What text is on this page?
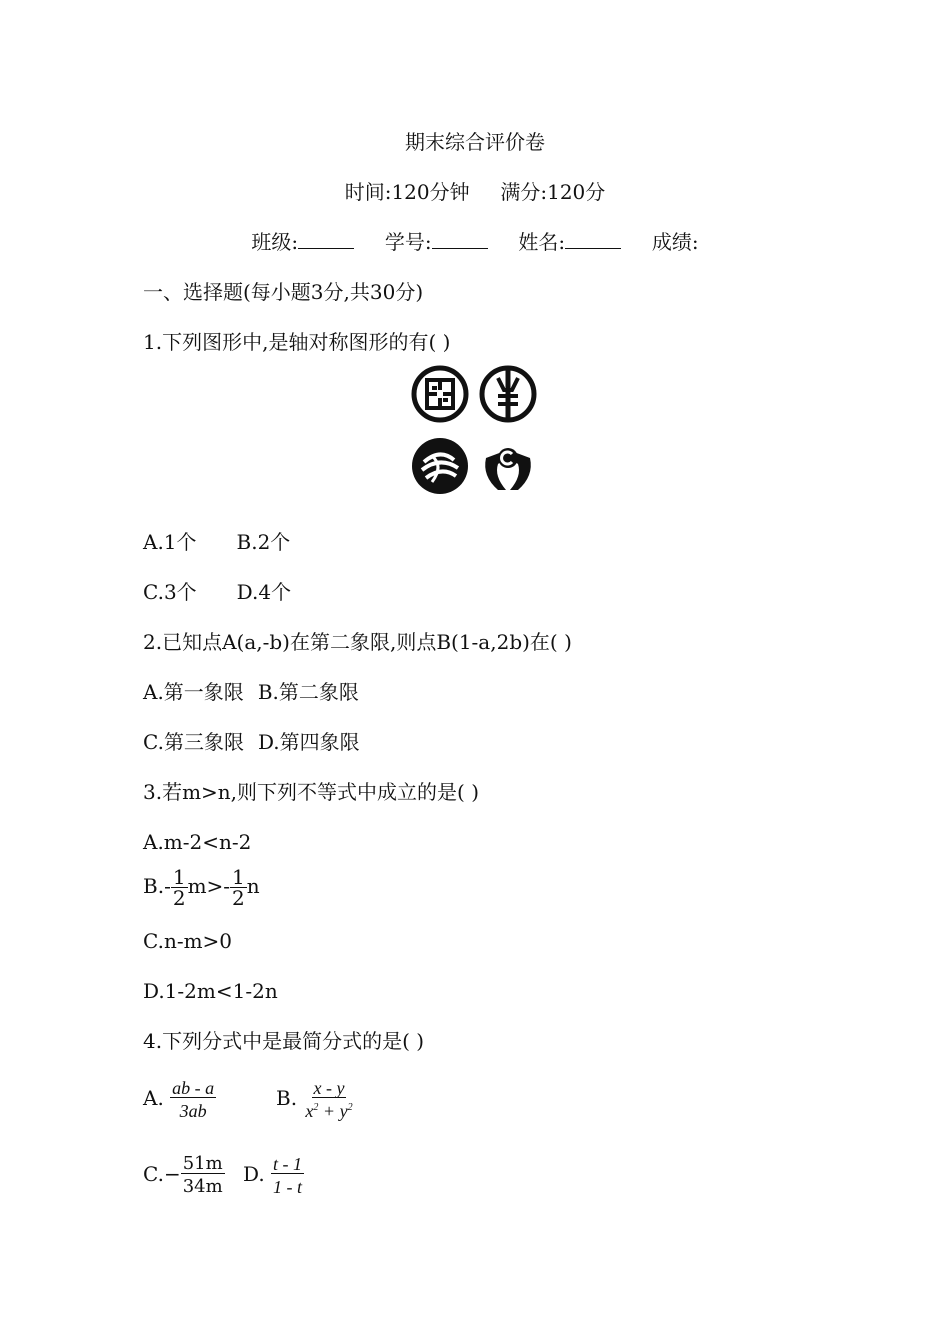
期末综合评价卷
时间:120分钟 满分:120分
班级:	学号:	姓名:	成绩:
一、选择题(每小题3分,共30分)
1.下列图形中,是轴对称图形的有( )
A.1个 B.2个
C.3个 D.4个
2.已知点A(a,-b)在第二象限,则点B(1-a,2b)在( )
A.第一象限 B.第二象限
C.第三象限 D.第四象限
3.若m>n,则下列不等式中成立的是( )
A.m-2<n-2
$B.- \frac{1}{2} m>- \frac{1}{2}$ n
C.n-m>0
D.1-2m<1-2n
4.下列分式中是最简分式的是( )
A. $\frac{ab - a}{3ab}$	B. $\frac{x - y}{x^2 + y^2}$
$C.- \frac{51m}{34m} D$. $\frac{t - 1}{1 - t}$
